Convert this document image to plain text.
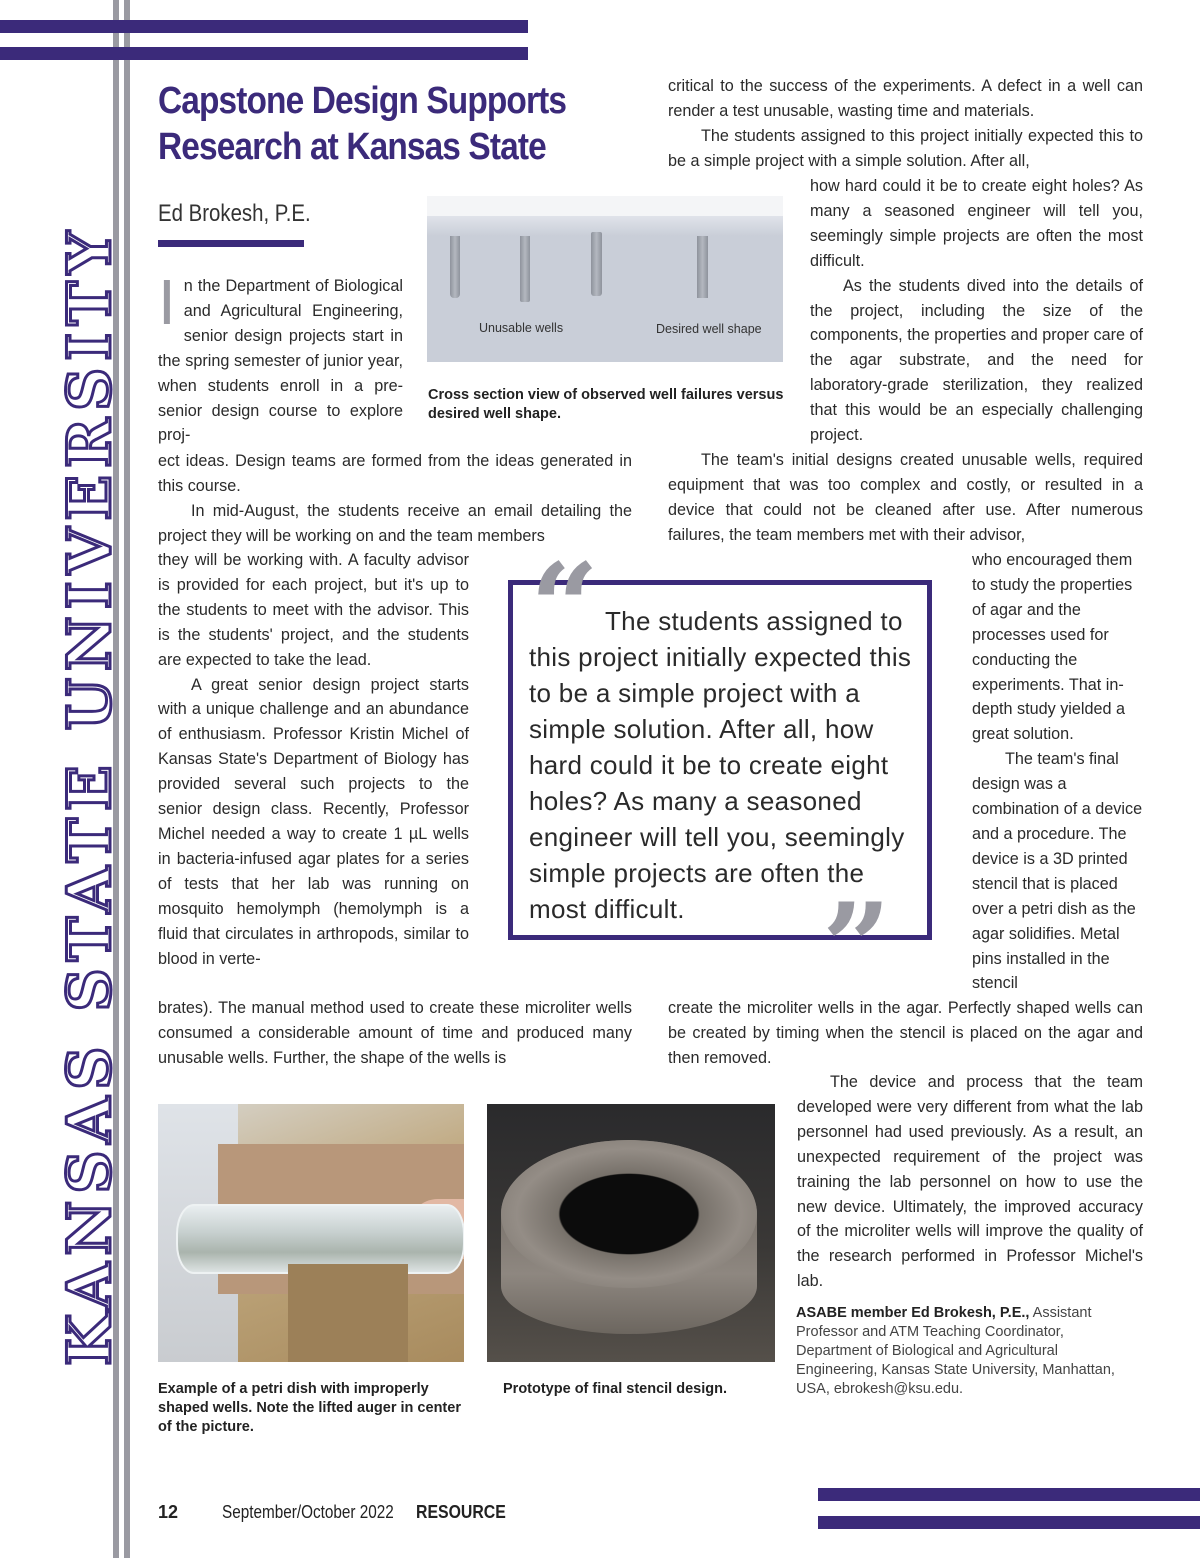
KANSAS STATE UNIVERSITY
Capstone Design Supports Research at Kansas State
Ed Brokesh, P.E.
Unusable wells	Desired well shape
Cross section view of observed well failures versus desired well shape.
In the Department of Biological and Agricultural Engineering, senior design projects start in the spring semester of junior year, when students enroll in a pre-senior design course to explore proj-

ect ideas. Design teams are formed from the ideas generated in this course.

In mid-August, the students receive an email detailing the project they will be working on and the team members

they will be working with. A faculty advisor is provided for each project, but it's up to the students to meet with the advisor. This is the students' project, and the students are expected to take the lead.

A great senior design project starts with a unique challenge and an abundance of enthusiasm. Professor Kristin Michel of Kansas State's Department of Biology has provided several such projects to the senior design class. Recently, Professor Michel needed a way to create 1 µL wells in bacteria-infused agar plates for a series of tests that her lab was running on mosquito hemolymph (hemolymph is a fluid that circulates in arthropods, similar to blood in verte-

brates). The manual method used to create these microliter wells consumed a considerable amount of time and produced many unusable wells. Further, the shape of the wells is

critical to the success of the experiments. A defect in a well can render a test unusable, wasting time and materials.

The students assigned to this project initially expected this to be a simple project with a simple solution. After all,

how hard could it be to create eight holes? As many a seasoned engineer will tell you, seemingly simple projects are often the most difficult.

As the students dived into the details of the project, including the size of the components, the properties and proper care of the agar substrate, and the need for laboratory-grade sterilization, they realized that this would be an especially challenging project.

The team's initial designs created unusable wells, required equipment that was too complex and costly, or resulted in a device that could not be cleaned after use. After numerous failures, the team members met with their advisor,

who encouraged them to study the properties of agar and the processes used for conducting the experiments. That in-depth study yielded a great solution.

The team's final design was a combination of a device and a procedure. The device is a 3D printed stencil that is placed over a petri dish as the agar solidifies. Metal pins installed in the stencil

create the microliter wells in the agar. Perfectly shaped wells can be created by timing when the stencil is placed on the agar and then removed.

The device and process that the team developed were very different from what the lab personnel had used previously. As a result, an unexpected requirement of the project was training the lab personnel on how to use the new device. Ultimately, the improved accuracy of the microliter wells will improve the quality of the research performed in Professor Michel's lab.

The students assigned to this project initially expected this to be a simple project with a simple solution. After all, how hard could it be to create eight holes? As many a seasoned engineer will tell you, seemingly simple projects are often the most difficult.
“
”
Example of a petri dish with improperly shaped wells. Note the lifted auger in center of the picture.
Prototype of final stencil design.
ASABE member Ed Brokesh, P.E., Assistant Professor and ATM Teaching Coordinator, Department of Biological and Agricultural Engineering, Kansas State University, Manhattan, USA, ebrokesh@ksu.edu.
12 September/October 2022 RESOURCE
